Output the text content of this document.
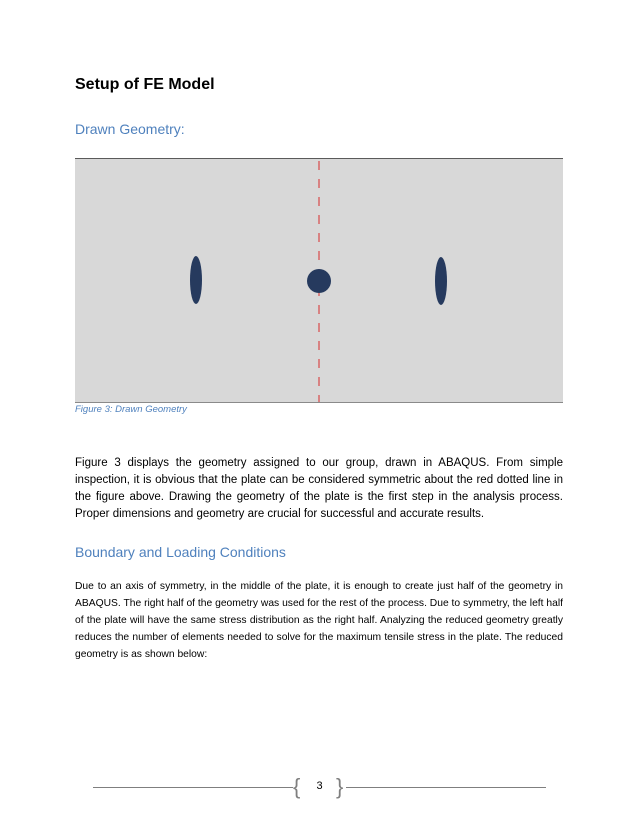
Setup of FE Model
Drawn Geometry:
Figure 3: Drawn Geometry
Figure 3 displays the geometry assigned to our group, drawn in ABAQUS. From simple inspection, it is obvious that the plate can be considered symmetric about the red dotted line in the figure above. Drawing the geometry of the plate is the first step in the analysis process. Proper dimensions and geometry are crucial for successful and accurate results.
Boundary and Loading Conditions
Due to an axis of symmetry, in the middle of the plate, it is enough to create just half of the geometry in ABAQUS. The right half of the geometry was used for the rest of the process. Due to symmetry, the left half of the plate will have the same stress distribution as the right half. Analyzing the reduced geometry greatly reduces the number of elements needed to solve for the maximum tensile stress in the plate. The reduced geometry is as shown below:
{	3 }
